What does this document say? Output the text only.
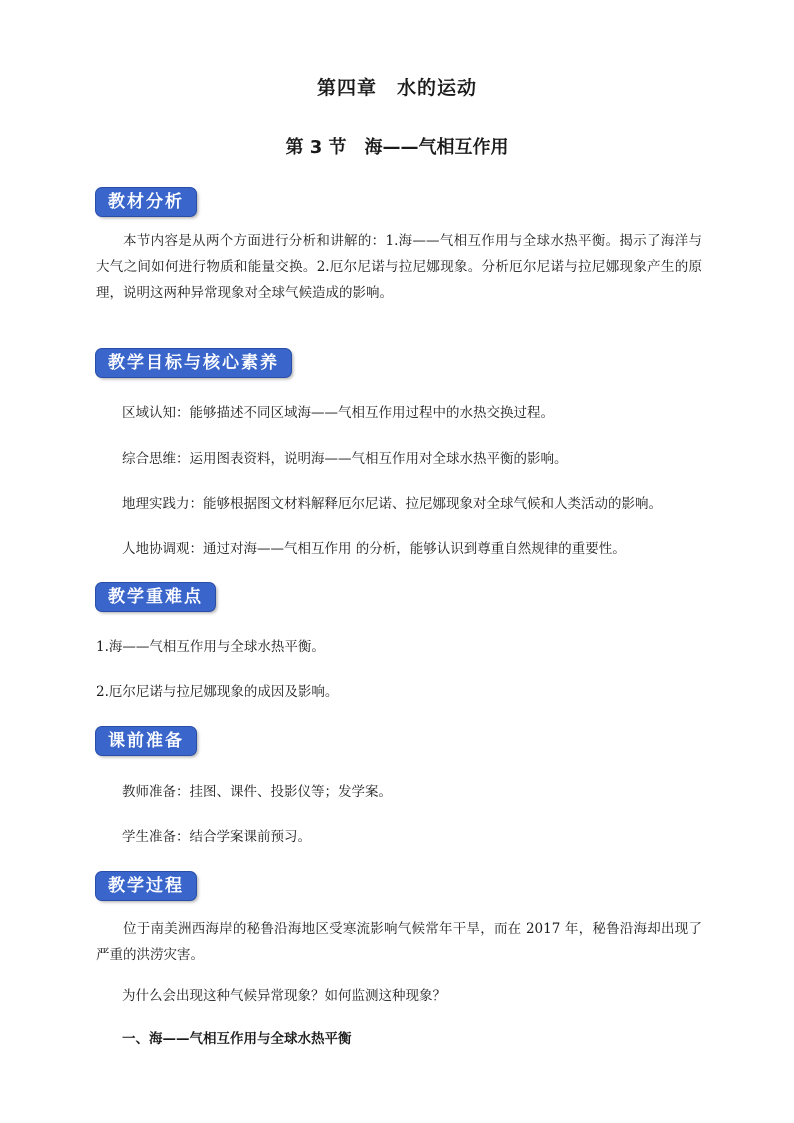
第四章　水的运动
第 3 节　海——气相互作用
教材分析
本节内容是从两个方面进行分析和讲解的：1.海——气相互作用与全球水热平衡。揭示了海洋与大气之间如何进行物质和能量交换。2.厄尔尼诺与拉尼娜现象。分析厄尔尼诺与拉尼娜现象产生的原理，说明这两种异常现象对全球气候造成的影响。
教学目标与核心素养
区域认知：能够描述不同区域海——气相互作用过程中的水热交换过程。
综合思维：运用图表资料，说明海——气相互作用对全球水热平衡的影响。
地理实践力：能够根据图文材料解释厄尔尼诺、拉尼娜现象对全球气候和人类活动的影响。
人地协调观：通过对海——气相互作用 的分析，能够认识到尊重自然规律的重要性。
教学重难点
1.海——气相互作用与全球水热平衡。
2.厄尔尼诺与拉尼娜现象的成因及影响。
课前准备
教师准备：挂图、课件、投影仪等；发学案。
学生准备：结合学案课前预习。
教学过程
位于南美洲西海岸的秘鲁沿海地区受寒流影响气候常年干旱，而在 2017 年，秘鲁沿海却出现了严重的洪涝灾害。
为什么会出现这种气候异常现象？如何监测这种现象？
一、海——气相互作用与全球水热平衡
